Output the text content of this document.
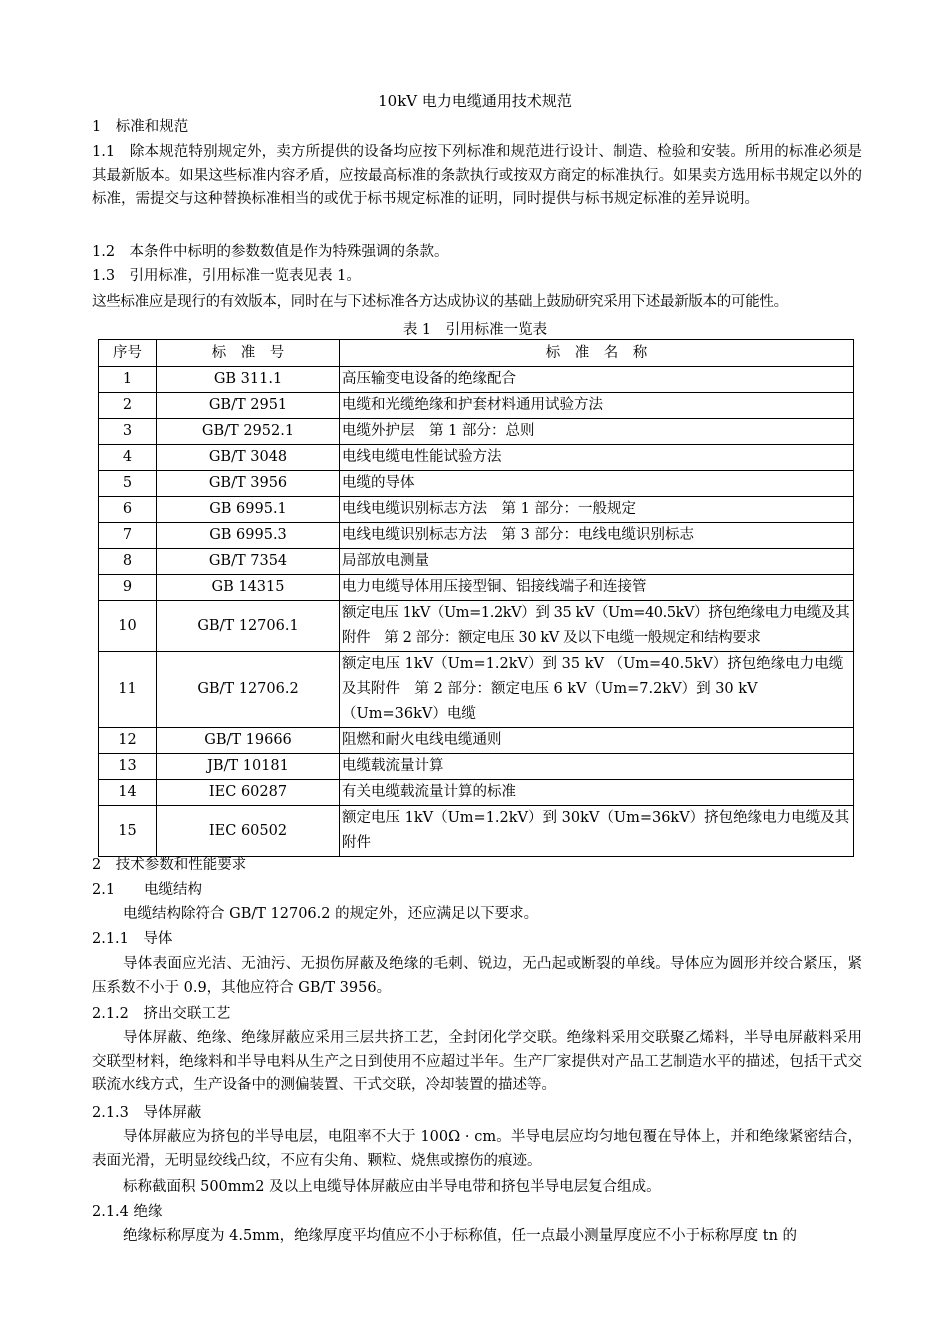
10kV 电力电缆通用技术规范
1　标准和规范
1.1　除本规范特别规定外，卖方所提供的设备均应按下列标准和规范进行设计、制造、检验和安装。所用的标准必须是其最新版本。如果这些标准内容矛盾，应按最高标准的条款执行或按双方商定的标准执行。如果卖方选用标书规定以外的标准，需提交与这种替换标准相当的或优于标书规定标准的证明，同时提供与标书规定标准的差异说明。
1.2　本条件中标明的参数数值是作为特殊强调的条款。
1.3　引用标准，引用标准一览表见表 1。
这些标准应是现行的有效版本，同时在与下述标准各方达成协议的基础上鼓励研究采用下述最新版本的可能性。
表 1　引用标准一览表
序号	标　准　号	标　准　名　称
1	GB 311.1	高压输变电设备的绝缘配合
2	GB/T 2951	电缆和光缆绝缘和护套材料通用试验方法
3	GB/T 2952.1	电缆外护层　第 1 部分：总则
4	GB/T 3048	电线电缆电性能试验方法
5	GB/T 3956	电缆的导体
6	GB 6995.1	电线电缆识别标志方法　第 1 部分：一般规定
7	GB 6995.3	电线电缆识别标志方法　第 3 部分：电线电缆识别标志
8	GB/T 7354	局部放电测量
9	GB 14315	电力电缆导体用压接型铜、铝接线端子和连接管
10	GB/T 12706.1	额定电压 1kV（Um=1.2kV）到 35 kV（Um=40.5kV）挤包绝缘电力电缆及其附件　第 2 部分：额定电压 30 kV 及以下电缆一般规定和结构要求
11	GB/T 12706.2	额定电压 1kV（Um=1.2kV）到 35 kV （Um=40.5kV）挤包绝缘电力电缆及其附件　第 2 部分：额定电压 6 kV（Um=7.2kV）到 30 kV（Um=36kV）电缆
12	GB/T 19666	阻燃和耐火电线电缆通则
13	JB/T 10181	电缆载流量计算
14	IEC 60287	有关电缆载流量计算的标准
15	IEC 60502	额定电压 1kV（Um=1.2kV）到 30kV（Um=36kV）挤包绝缘电力电缆及其附件
2　技术参数和性能要求
2.1　　电缆结构
电缆结构除符合 GB/T 12706.2 的规定外，还应满足以下要求。
2.1.1　导体
导体表面应光洁、无油污、无损伤屏蔽及绝缘的毛刺、锐边，无凸起或断裂的单线。导体应为圆形并绞合紧压，紧压系数不小于 0.9，其他应符合 GB/T 3956。
2.1.2　挤出交联工艺
导体屏蔽、绝缘、绝缘屏蔽应采用三层共挤工艺，全封闭化学交联。绝缘料采用交联聚乙烯料，半导电屏蔽料采用交联型材料，绝缘料和半导电料从生产之日到使用不应超过半年。生产厂家提供对产品工艺制造水平的描述，包括干式交联流水线方式，生产设备中的测偏装置、干式交联，冷却装置的描述等。
2.1.3　导体屏蔽
导体屏蔽应为挤包的半导电层，电阻率不大于 100Ω · cm。半导电层应均匀地包覆在导体上，并和绝缘紧密结合，表面光滑，无明显绞线凸纹，不应有尖角、颗粒、烧焦或擦伤的痕迹。
标称截面积 500mm2 及以上电缆导体屏蔽应由半导电带和挤包半导电层复合组成。
2.1.4 绝缘
绝缘标称厚度为 4.5mm，绝缘厚度平均值应不小于标称值，任一点最小测量厚度应不小于标称厚度 tn 的
